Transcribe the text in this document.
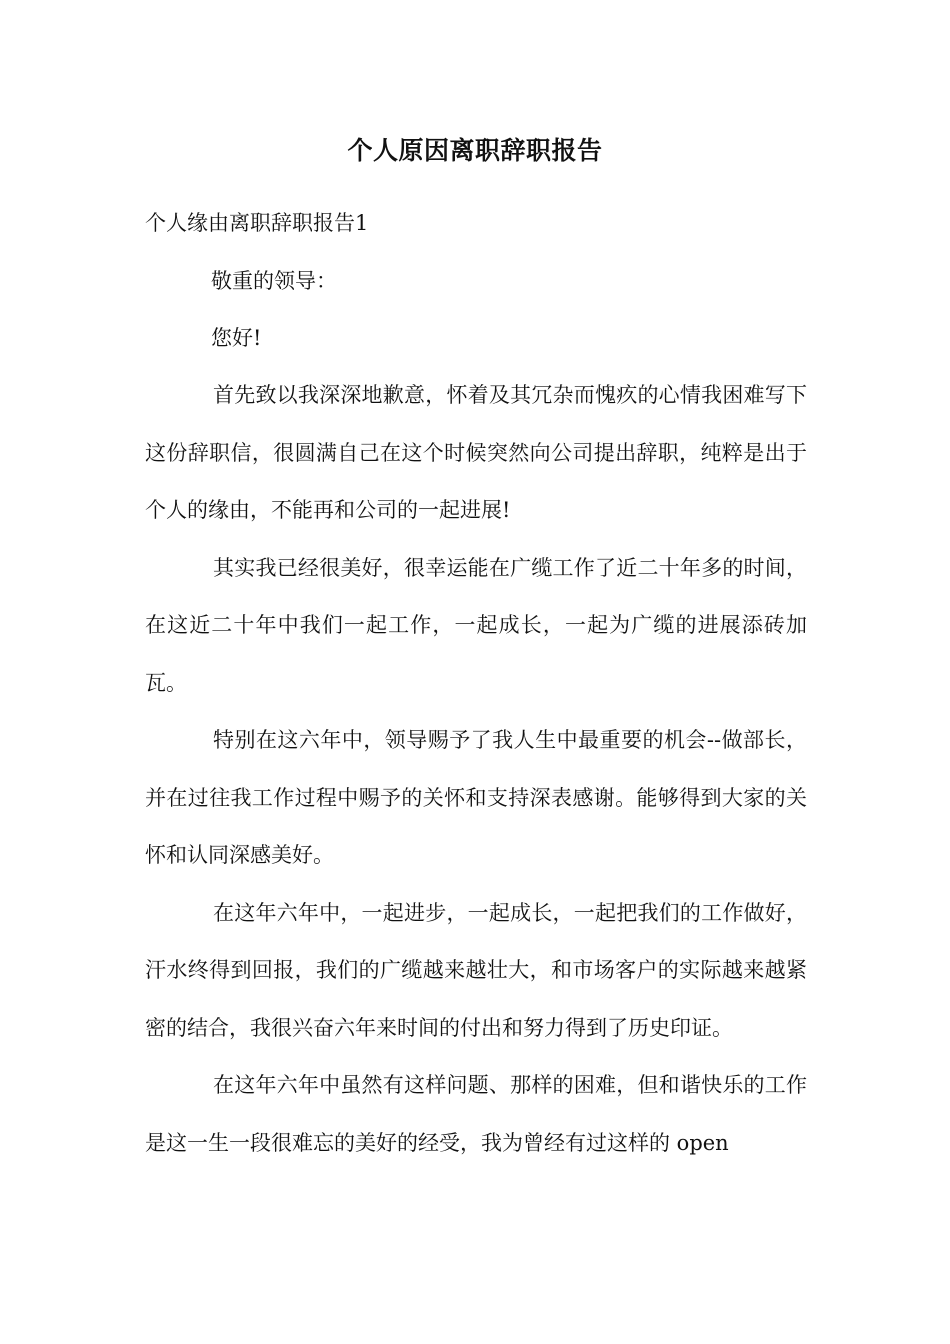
个人原因离职辞职报告

个人缘由离职辞职报告1

敬重的领导：

您好!

首先致以我深深地歉意，怀着及其冗杂而愧疚的心情我困难写下这份辞职信，很圆满自己在这个时候突然向公司提出辞职，纯粹是出于个人的缘由，不能再和公司的一起进展!

其实我已经很美好，很幸运能在广缆工作了近二十年多的时间，在这近二十年中我们一起工作，一起成长，一起为广缆的进展添砖加瓦。

特别在这六年中，领导赐予了我人生中最重要的机会--做部长，并在过往我工作过程中赐予的关怀和支持深表感谢。能够得到大家的关怀和认同深感美好。

在这年六年中，一起进步，一起成长，一起把我们的工作做好，汗水终得到回报，我们的广缆越来越壮大，和市场客户的实际越来越紧密的结合，我很兴奋六年来时间的付出和努力得到了历史印证。

在这年六年中虽然有这样问题、那样的困难，但和谐快乐的工作是这一生一段很难忘的美好的经受，我为曾经有过这样的 open
